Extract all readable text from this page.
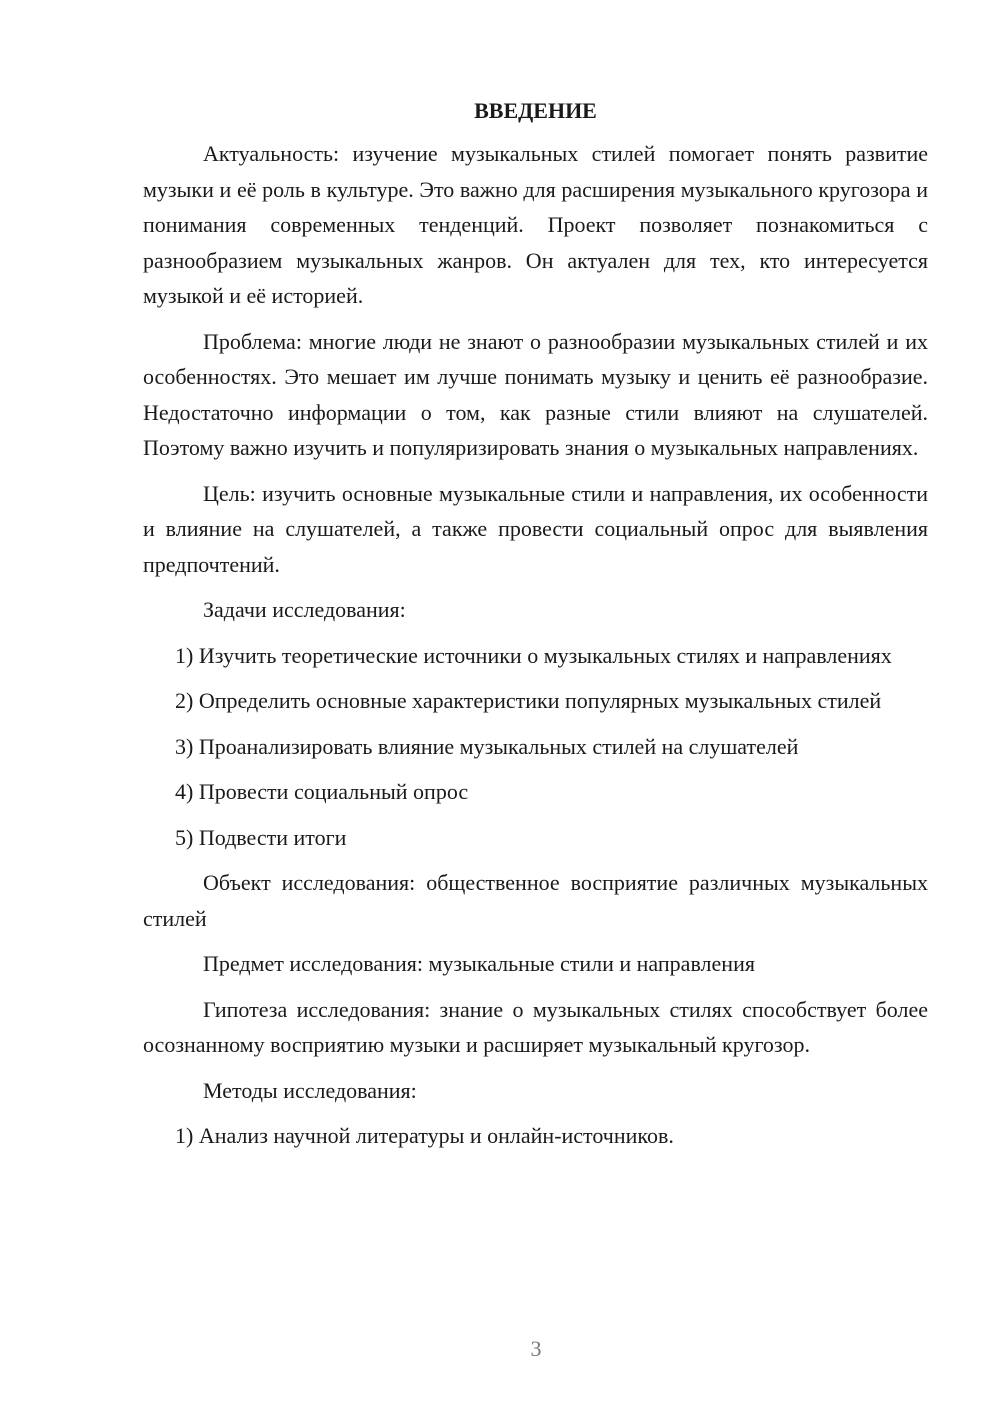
ВВЕДЕНИЕ

Актуальность: изучение музыкальных стилей помогает понять развитие музыки и её роль в культуре. Это важно для расширения музыкального кругозора и понимания современных тенденций. Проект позволяет познакомиться с разнообразием музыкальных жанров. Он актуален для тех, кто интересуется музыкой и её историей.

Проблема: многие люди не знают о разнообразии музыкальных стилей и их особенностях. Это мешает им лучше понимать музыку и ценить её разнообразие. Недостаточно информации о том, как разные стили влияют на слушателей. Поэтому важно изучить и популяризировать знания о музыкальных направлениях.

Цель: изучить основные музыкальные стили и направления, их особенности и влияние на слушателей, а также провести социальный опрос для выявления предпочтений.

Задачи исследования:

1) Изучить теоретические источники о музыкальных стилях и направлениях

2) Определить основные характеристики популярных музыкальных стилей

3) Проанализировать влияние музыкальных стилей на слушателей

4) Провести социальный опрос

5) Подвести итоги

Объект исследования: общественное восприятие различных музыкальных стилей

Предмет исследования: музыкальные стили и направления

Гипотеза исследования: знание о музыкальных стилях способствует более осознанному восприятию музыки и расширяет музыкальный кругозор.

Методы исследования:

1) Анализ научной литературы и онлайн-источников.

3
